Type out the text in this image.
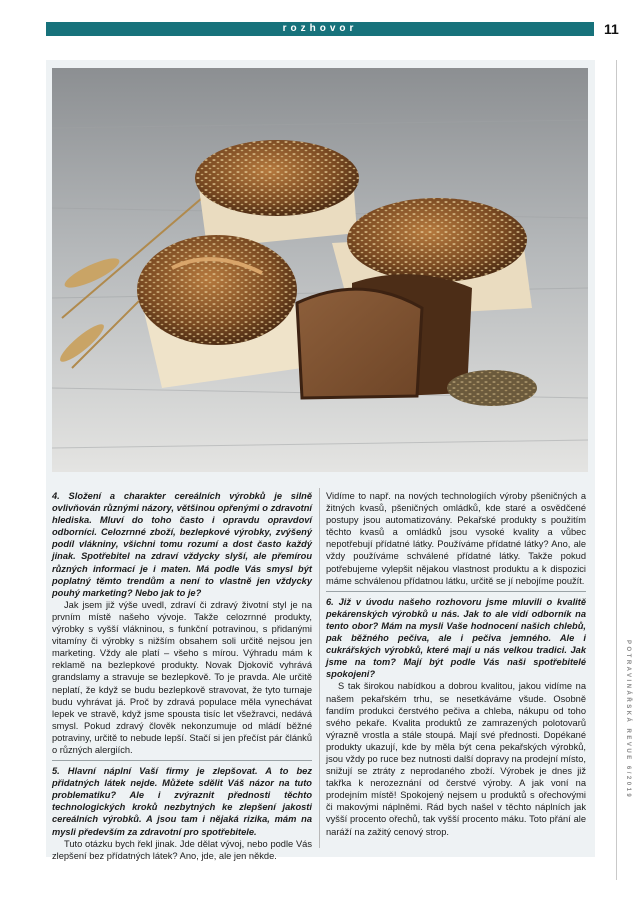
rozhovor	11
POTRAVINÁŘSKÁ REVUE 6/2019

4. Složení a charakter cereálních výrobků je silně ovlivňován různými názory, většinou opřenými o zdravotní hlediska. Mluví do toho často i opravdu opravdoví odborníci. Celozrnné zboží, bezlepkové výrobky, zvýšený podíl vlákniny, všichni tomu rozumí a dost často každý jinak. Spotřebitel na zdraví vždycky slyší, ale přemírou různých informací je i maten. Má podle Vás smysl být poplatný těmto trendům a není to vlastně jen vždycky pouhý marketing? Nebo jak to je?

Jak jsem již výše uvedl, zdraví či zdravý životní styl je na prvním místě našeho vývoje. Takže celozrnné produkty, výrobky s vyšší vlákninou, s funkční potravinou, s přidanými vitamíny či výrobky s nižším obsahem soli určitě nejsou jen marketing. Vždy ale platí – všeho s mírou. Výhradu mám k reklamě na bezlepkové produkty. Novak Djokovič vyhrává grandslamy a stravuje se bezlepkově. To je pravda. Ale určitě neplatí, že když se budu bezlepkově stravovat, že tyto turnaje budu vyhrávat já. Proč by zdravá populace měla vynechávat lepek ve stravě, když jsme spousta tisíc let vše​žravci, nedává smysl. Pokud zdravý člověk nekonzumuje od mládí běžné potraviny, určitě to nebude lepší. Stačí si jen přečíst pár článků o různých alergiích.

5. Hlavní náplní Vaší firmy je zlepšovat. A to bez přidatných látek nejde. Můžete sdělit Váš názor na tuto problematiku? Ale i zvýraznit přednosti těchto technologických kroků nezbytných ke zlepšení jakosti cereálních výrobků. A jsou tam i nějaká rizika, mám na mysli především za zdravotní pro spotřebitele.

Tuto otázku bych řekl jinak. Jde dělat vývoj, nebo podle Vás zlepšení bez přídatných látek? Ano, jde, ale jen někde.

Vidíme to např. na nových technologiích výroby pšeničných a žitných kvasů, pšeničných omládků, kde staré a osvědčené postupy jsou automatizovány. Pekařské produkty s použitím těchto kvasů a omládků jsou vysoké kvality a vůbec nepotřebují přídatné látky. Používáme přídatné látky? Ano, ale vždy používáme schválené přídatné látky. Takže pokud potřebujeme vylepšit nějakou vlastnost produktu a k dispozici máme schválenou přídatnou látku, určitě se jí nebojíme použít.

6. Již v úvodu našeho rozhovoru jsme mluvili o kvalitě pekárenských výrobků u nás. Jak to ale vidí odborník na tento obor? Mám na mysli Vaše hodnocení našich chlebů, pak běžného pečiva, ale i pečiva jemného. Ale i cukrářských výrobků, které mají u nás velkou tradici. Jak jsme na tom? Mají být podle Vás naši spotřebitelé spokojeni?

S tak širokou nabídkou a dobrou kvalitou, jakou vidíme na našem pekařském trhu, se nesetkáváme všude. Osobně fandím produkci čerstvého pečiva a chleba, nákupu od toho svého pekaře. Kvalita produktů ze zamrazených polotovarů výrazně vrostla a stále stoupá. Mají své přednosti. Dopékané produkty ukazují, kde by měla být cena pekařských výrobků, jsou vždy po ruce bez nutnosti další dopravy na prodejní místo, snižují se ztráty z neprodaného zboží. Výrobek je dnes již takřka k nerozeznání od čerstvé výroby. A jak voní na prodejním místě! Spokojený nejsem u produktů s ořechovými či makovými náplněmi. Rád bych našel v těchto náplních jak vyšší procento ořechů, tak vyšší procento máku. Toto přání ale naráží na zažitý cenový strop.
